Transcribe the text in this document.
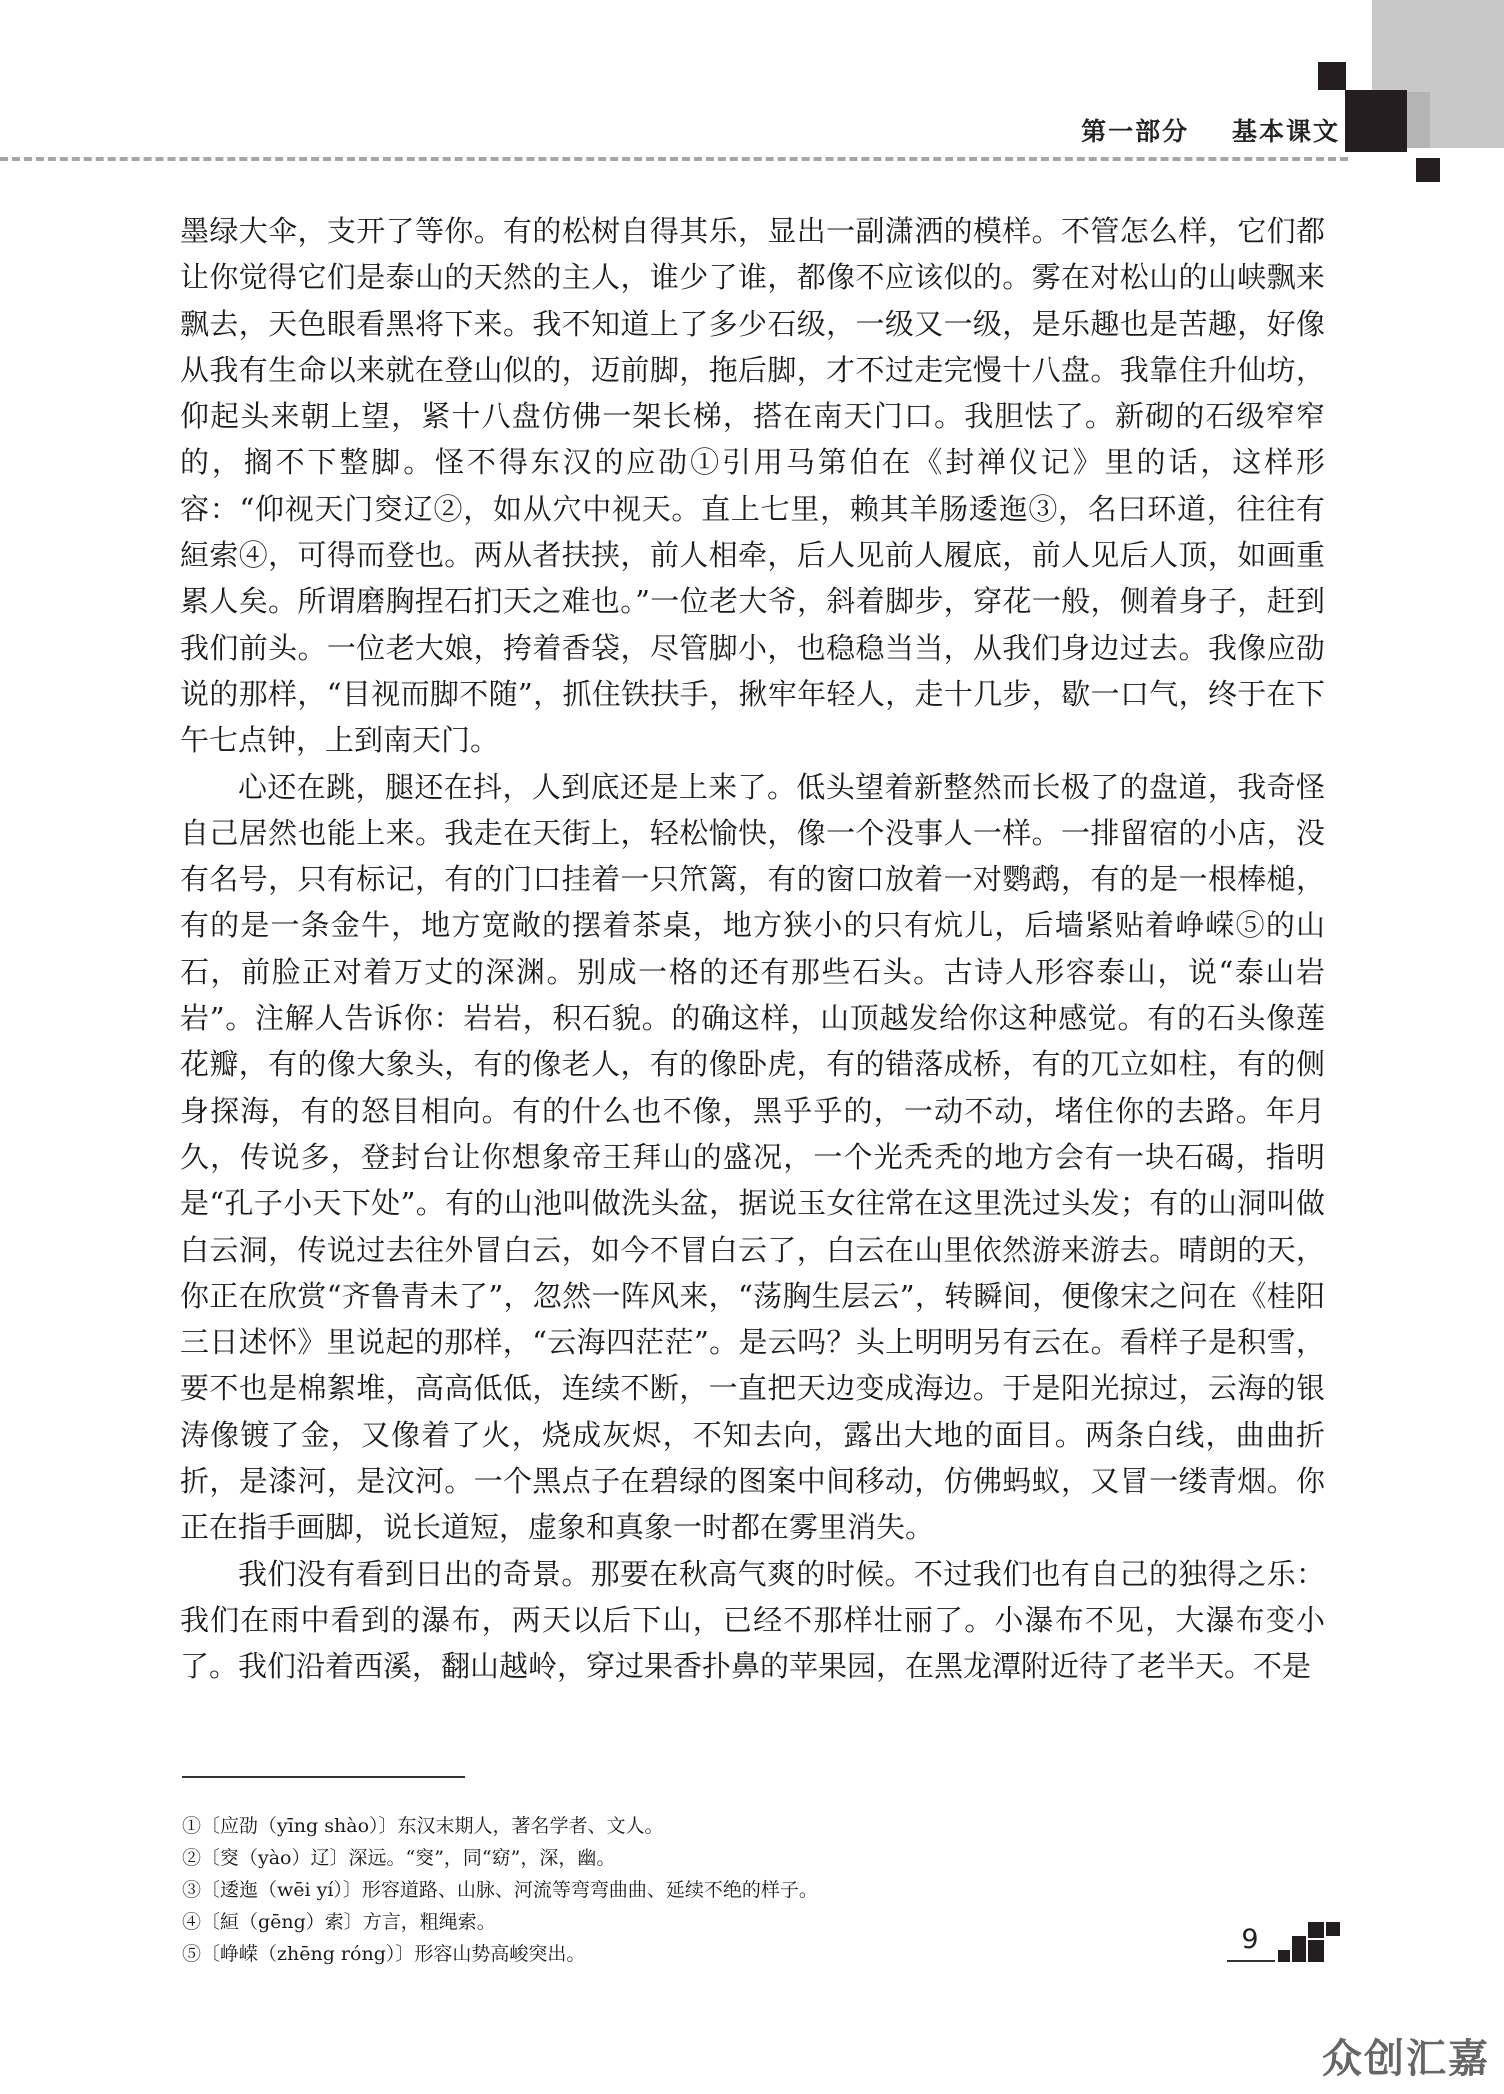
第一部分    基本课文

墨绿大伞，支开了等你。有的松树自得其乐，显出一副潇洒的模样。不管怎么样，它们都让你觉得它们是泰山的天然的主人，谁少了谁，都像不应该似的。雾在对松山的山峡飘来飘去，天色眼看黑将下来。我不知道上了多少石级，一级又一级，是乐趣也是苦趣，好像从我有生命以来就在登山似的，迈前脚，拖后脚，才不过走完慢十八盘。我靠住升仙坊，仰起头来朝上望，紧十八盘仿佛一架长梯，搭在南天门口。我胆怯了。新砌的石级窄窄的，搁不下整脚。怪不得东汉的应劭①引用马第伯在《封禅仪记》里的话，这样形容：“仰视天门窔辽②，如从穴中视天。直上七里，赖其羊肠逶迤③，名曰环道，往往有絙索④，可得而登也。两从者扶挟，前人相牵，后人见前人履底，前人见后人顶，如画重累人矣。所谓磨胸捏石扪天之难也。”一位老大爷，斜着脚步，穿花一般，侧着身子，赶到我们前头。一位老大娘，挎着香袋，尽管脚小，也稳稳当当，从我们身边过去。我像应劭说的那样，“目视而脚不随”，抓住铁扶手，揪牢年轻人，走十几步，歇一口气，终于在下午七点钟，上到南天门。

心还在跳，腿还在抖，人到底还是上来了。低头望着新整然而长极了的盘道，我奇怪自己居然也能上来。我走在天街上，轻松愉快，像一个没事人一样。一排留宿的小店，没有名号，只有标记，有的门口挂着一只笊篱，有的窗口放着一对鹦鹉，有的是一根棒槌，有的是一条金牛，地方宽敞的摆着茶桌，地方狭小的只有炕儿，后墙紧贴着峥嵘⑤的山石，前脸正对着万丈的深渊。别成一格的还有那些石头。古诗人形容泰山，说“泰山岩岩”。注解人告诉你：岩岩，积石貌。的确这样，山顶越发给你这种感觉。有的石头像莲花瓣，有的像大象头，有的像老人，有的像卧虎，有的错落成桥，有的兀立如柱，有的侧身探海，有的怒目相向。有的什么也不像，黑乎乎的，一动不动，堵住你的去路。年月久，传说多，登封台让你想象帝王拜山的盛况，一个光秃秃的地方会有一块石碣，指明是“孔子小天下处”。有的山池叫做洗头盆，据说玉女往常在这里洗过头发；有的山洞叫做白云洞，传说过去往外冒白云，如今不冒白云了，白云在山里依然游来游去。晴朗的天，你正在欣赏“齐鲁青未了”，忽然一阵风来，“荡胸生层云”，转瞬间，便像宋之问在《桂阳三日述怀》里说起的那样，“云海四茫茫”。是云吗？头上明明另有云在。看样子是积雪，要不也是棉絮堆，高高低低，连续不断，一直把天边变成海边。于是阳光掠过，云海的银涛像镀了金，又像着了火，烧成灰烬，不知去向，露出大地的面目。两条白线，曲曲折折，是漆河，是汶河。一个黑点子在碧绿的图案中间移动，仿佛蚂蚁，又冒一缕青烟。你正在指手画脚，说长道短，虚象和真象一时都在雾里消失。

我们没有看到日出的奇景。那要在秋高气爽的时候。不过我们也有自己的独得之乐：我们在雨中看到的瀑布，两天以后下山，已经不那样壮丽了。小瀑布不见，大瀑布变小了。我们沿着西溪，翻山越岭，穿过果香扑鼻的苹果园，在黑龙潭附近待了老半天。不是

①〔应劭（yīng shào）〕东汉末期人，著名学者、文人。
②〔窔（yào）辽〕深远。“窔”，同“窈”，深，幽。
③〔逶迤（wēi yí）〕形容道路、山脉、河流等弯弯曲曲、延续不绝的样子。
④〔絙（gēng）索〕方言，粗绳索。
⑤〔峥嵘（zhēng róng）〕形容山势高峻突出。	9
众创汇嘉
